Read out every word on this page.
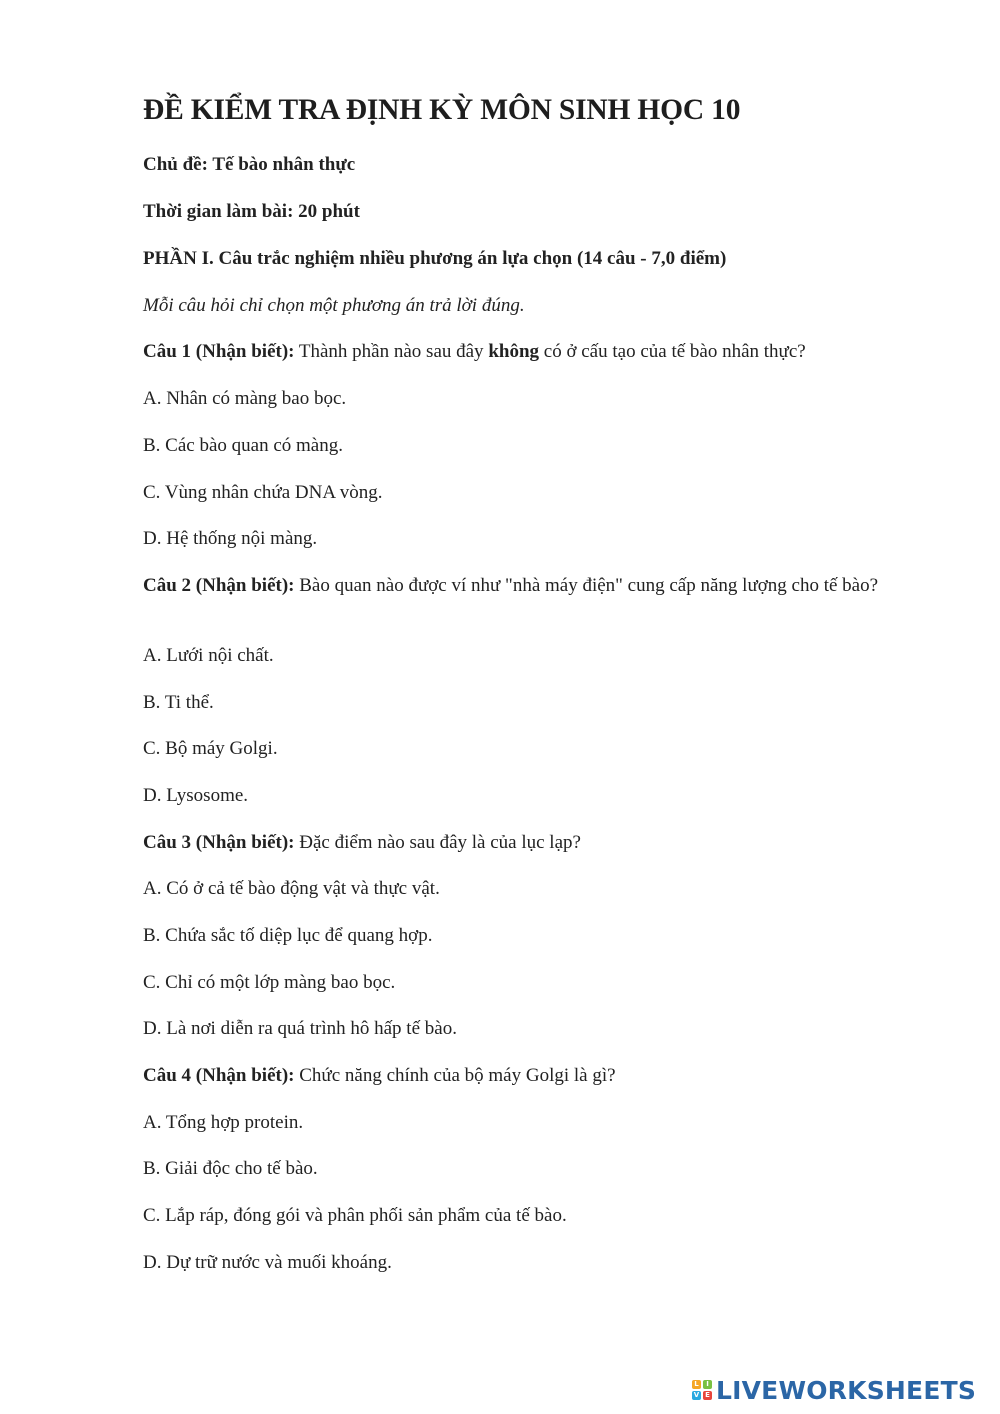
ĐỀ KIỂM TRA ĐỊNH KỲ MÔN SINH HỌC 10

Chủ đề: Tế bào nhân thực

Thời gian làm bài: 20 phút

PHẦN I. Câu trắc nghiệm nhiều phương án lựa chọn (14 câu - 7,0 điểm)

Mỗi câu hỏi chỉ chọn một phương án trả lời đúng.

Câu 1 (Nhận biết): Thành phần nào sau đây không có ở cấu tạo của tế bào nhân thực?

A. Nhân có màng bao bọc.

B. Các bào quan có màng.

C. Vùng nhân chứa DNA vòng.

D. Hệ thống nội màng.

Câu 2 (Nhận biết): Bào quan nào được ví như "nhà máy điện" cung cấp năng lượng cho tế bào?

A. Lưới nội chất.

B. Ti thể.

C. Bộ máy Golgi.

D. Lysosome.

Câu 3 (Nhận biết): Đặc điểm nào sau đây là của lục lạp?

A. Có ở cả tế bào động vật và thực vật.

B. Chứa sắc tố diệp lục để quang hợp.

C. Chỉ có một lớp màng bao bọc.

D. Là nơi diễn ra quá trình hô hấp tế bào.

Câu 4 (Nhận biết): Chức năng chính của bộ máy Golgi là gì?

A. Tổng hợp protein.

B. Giải độc cho tế bào.

C. Lắp ráp, đóng gói và phân phối sản phẩm của tế bào.

D. Dự trữ nước và muối khoáng.

L	I
V E LIVEWORKSHEETS
